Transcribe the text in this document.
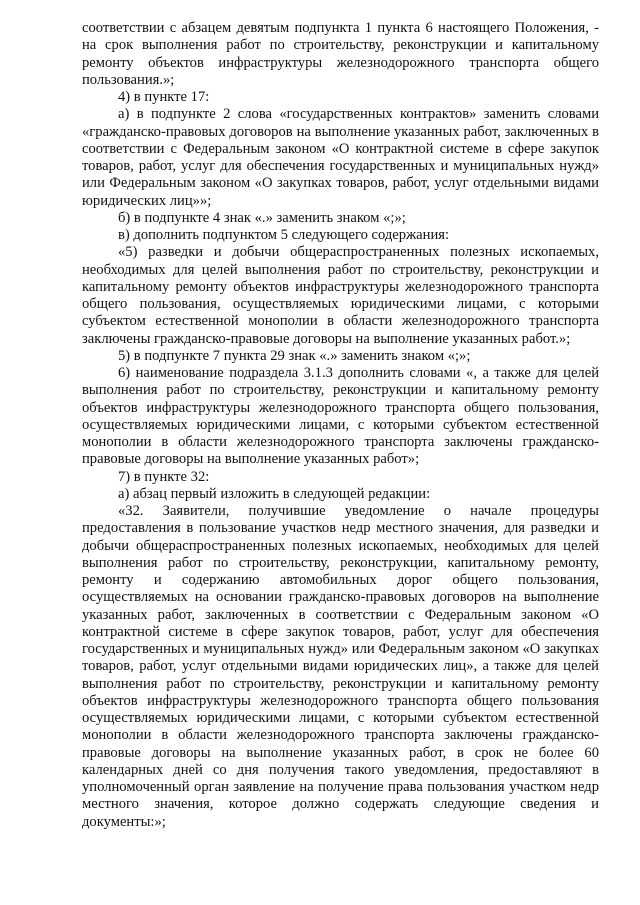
соответствии с абзацем девятым подпункта 1 пункта 6 настоящего Положения, - на срок выполнения работ по строительству, реконструкции и капитальному ремонту объектов инфраструктуры железнодорожного транспорта общего пользования.»;

4) в пункте 17:

а) в подпункте 2 слова «государственных контрактов» заменить словами «гражданско-правовых договоров на выполнение указанных работ, заключенных в соответствии с Федеральным законом «О контрактной системе в сфере закупок товаров, работ, услуг для обеспечения государственных и муниципальных нужд» или Федеральным законом «О закупках товаров, работ, услуг отдельными видами юридических лиц»»;

б) в подпункте 4 знак «.» заменить знаком «;»;

в) дополнить подпунктом 5 следующего содержания:

«5) разведки и добычи общераспространенных полезных ископаемых, необходимых для целей выполнения работ по строительству, реконструкции и капитальному ремонту объектов инфраструктуры железнодорожного транспорта общего пользования, осуществляемых юридическими лицами, с которыми субъектом естественной монополии в области железнодорожного транспорта заключены гражданско-правовые договоры на выполнение указанных работ.»;

5) в подпункте 7 пункта 29 знак «.» заменить знаком «;»;

6) наименование подраздела 3.1.3 дополнить словами «, а также для целей выполнения работ по строительству, реконструкции и капитальному ремонту объектов инфраструктуры железнодорожного транспорта общего пользования, осуществляемых юридическими лицами, с которыми субъектом естественной монополии в области железнодорожного транспорта заключены гражданско-правовые договоры на выполнение указанных работ»;

7) в пункте 32:

а) абзац первый изложить в следующей редакции:

«32. Заявители, получившие уведомление о начале процедуры предоставления в пользование участков недр местного значения, для разведки и добычи общераспространенных полезных ископаемых, необходимых для целей выполнения работ по строительству, реконструкции, капитальному ремонту, ремонту и содержанию автомобильных дорог общего пользования, осуществляемых на основании гражданско-правовых договоров на выполнение указанных работ, заключенных в соответствии с Федеральным законом «О контрактной системе в сфере закупок товаров, работ, услуг для обеспечения государственных и муниципальных нужд» или Федеральным законом «О закупках товаров, работ, услуг отдельными видами юридических лиц», а также для целей выполнения работ по строительству, реконструкции и капитальному ремонту объектов инфраструктуры железнодорожного транспорта общего пользования осуществляемых юридическими лицами, с которыми субъектом естественной монополии в области железнодорожного транспорта заключены гражданско-правовые договоры на выполнение указанных работ, в срок не более 60 календарных дней со дня получения такого уведомления, предоставляют в уполномоченный орган заявление на получение права пользования участком недр местного значения, которое должно содержать следующие сведения и документы:»;
